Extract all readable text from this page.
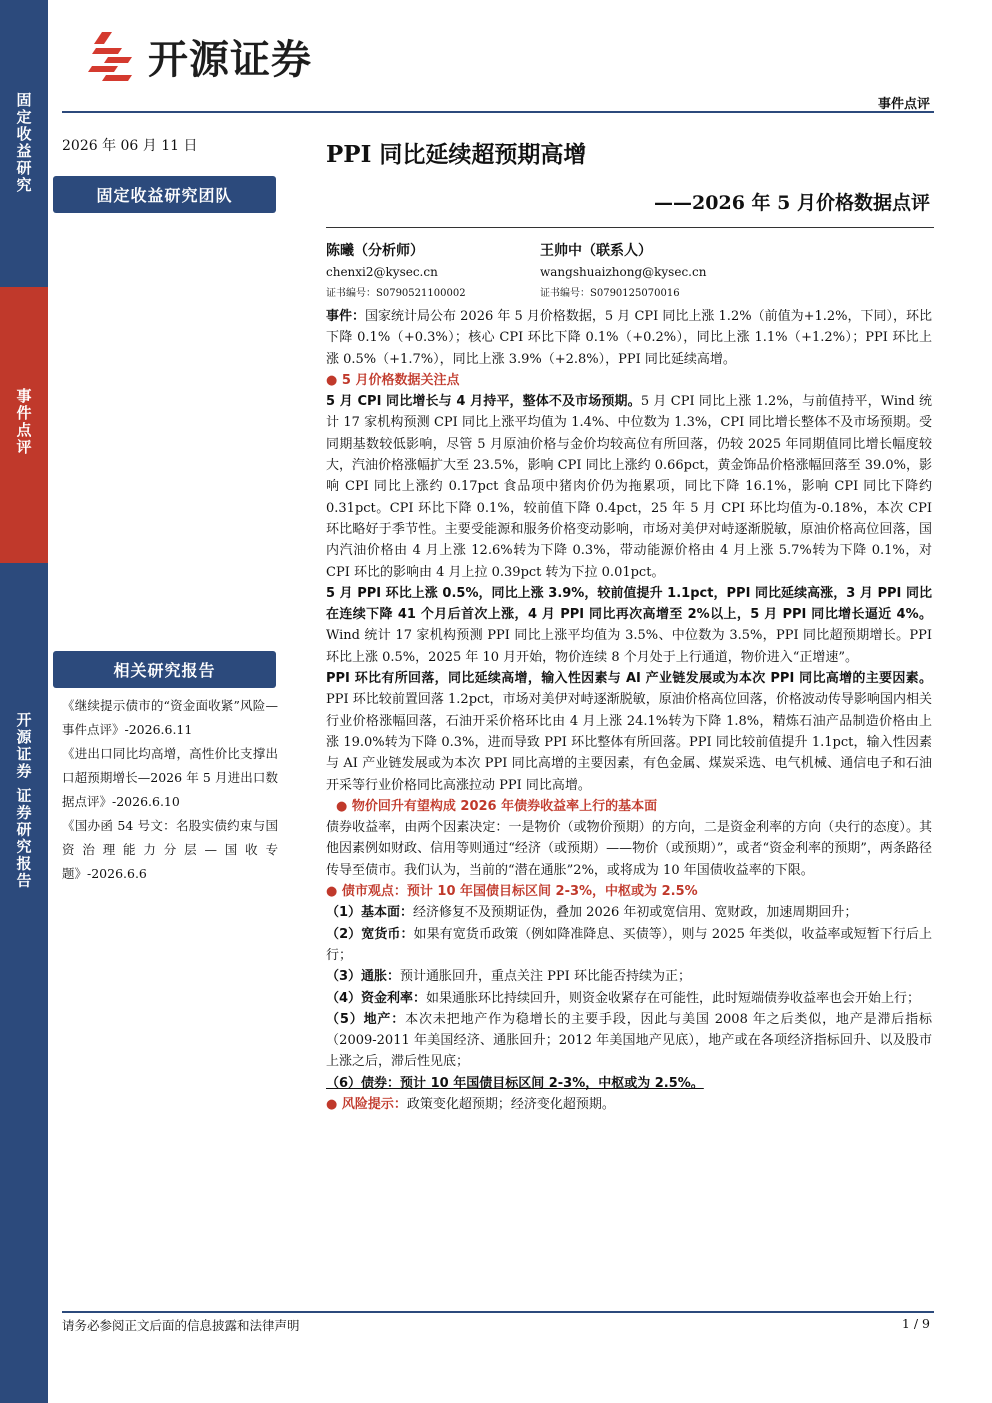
固定收益研究
事件点评
开源证券 证券研究报告
开源证券
事件点评
2026 年 06 月 11 日
固定收益研究团队
PPI 同比延续超预期高增
——2026 年 5 月价格数据点评
陈曦（分析师）
chenxi2@kysec.cn
证书编号：S0790521100002
王帅中（联系人）
wangshuaizhong@kysec.cn
证书编号：S0790125070016

事件：国家统计局公布 2026 年 5 月价格数据，5 月 CPI 同比上涨 1.2%（前值为+1.2%，下同），环比下降 0.1%（+0.3%）；核心 CPI 环比下降 0.1%（+0.2%），同比上涨 1.1%（+1.2%）；PPI 环比上涨 0.5%（+1.7%），同比上涨 3.9%（+2.8%），PPI 同比延续高增。

● 5 月价格数据关注点

5 月 CPI 同比增长与 4 月持平，整体不及市场预期。5 月 CPI 同比上涨 1.2%，与前值持平，Wind 统计 17 家机构预测 CPI 同比上涨平均值为 1.4%、中位数为 1.3%，CPI 同比增长整体不及市场预期。受同期基数较低影响，尽管 5 月原油价格与金价均较高位有所回落，仍较 2025 年同期值同比增长幅度较大，汽油价格涨幅扩大至 23.5%，影响 CPI 同比上涨约 0.66pct，黄金饰品价格涨幅回落至 39.0%，影响 CPI 同比上涨约 0.17pct 食品项中猪肉价仍为拖累项，同比下降 16.1%，影响 CPI 同比下降约 0.31pct。CPI 环比下降 0.1%，较前值下降 0.4pct，25 年 5 月 CPI 环比均值为-0.18%，本次 CPI 环比略好于季节性。主要受能源和服务价格变动影响，市场对美伊对峙逐渐脱敏，原油价格高位回落，国内汽油价格由 4 月上涨 12.6%转为下降 0.3%，带动能源价格由 4 月上涨 5.7%转为下降 0.1%，对 CPI 环比的影响由 4 月上拉 0.39pct 转为下拉 0.01pct。

5 月 PPI 环比上涨 0.5%，同比上涨 3.9%，较前值提升 1.1pct，PPI 同比延续高涨，3 月 PPI 同比在连续下降 41 个月后首次上涨，4 月 PPI 同比再次高增至 2%以上，5 月 PPI 同比增长逼近 4%。Wind 统计 17 家机构预测 PPI 同比上涨平均值为 3.5%、中位数为 3.5%，PPI 同比超预期增长。PPI 环比上涨 0.5%，2025 年 10 月开始，物价连续 8 个月处于上行通道，物价进入“正增速”。

PPI 环比有所回落，同比延续高增，输入性因素与 AI 产业链发展或为本次 PPI 同比高增的主要因素。PPI 环比较前置回落 1.2pct，市场对美伊对峙逐渐脱敏，原油价格高位回落，价格波动传导影响国内相关行业价格涨幅回落，石油开采价格环比由 4 月上涨 24.1%转为下降 1.8%，精炼石油产品制造价格由上涨 19.0%转为下降 0.3%，进而导致 PPI 环比整体有所回落。PPI 同比较前值提升 1.1pct，输入性因素与 AI 产业链发展或为本次 PPI 同比高增的主要因素，有色金属、煤炭采选、电气机械、通信电子和石油开采等行业价格同比高涨拉动 PPI 同比高增。

● 物价回升有望构成 2026 年债券收益率上行的基本面

债券收益率，由两个因素决定：一是物价（或物价预期）的方向，二是资金利率的方向（央行的态度）。其他因素例如财政、信用等则通过“经济（或预期）——物价（或预期）”，或者“资金利率的预期”，两条路径传导至债市。我们认为，当前的“潜在通胀”2%，或将成为 10 年国债收益率的下限。

● 债市观点：预计 10 年国债目标区间 2-3%，中枢或为 2.5%

（1）基本面：经济修复不及预期证伪，叠加 2026 年初或宽信用、宽财政，加速周期回升；

（2）宽货币：如果有宽货币政策（例如降准降息、买债等），则与 2025 年类似，收益率或短暂下行后上行；

（3）通胀：预计通胀回升，重点关注 PPI 环比能否持续为正；

（4）资金利率：如果通胀环比持续回升，则资金收紧存在可能性，此时短端债券收益率也会开始上行；

（5）地产：本次未把地产作为稳增长的主要手段，因此与美国 2008 年之后类似，地产是滞后指标（2009-2011 年美国经济、通胀回升；2012 年美国地产见底），地产或在各项经济指标回升、以及股市上涨之后，滞后性见底；

（6）债券：预计 10 年国债目标区间 2-3%，中枢或为 2.5%。

● 风险提示：政策变化超预期；经济变化超预期。

相关研究报告

《继续提示债市的“资金面收紧”风险—事件点评》-2026.6.11

《进出口同比均高增，高性价比支撑出口超预期增长—2026 年 5 月进出口数据点评》-2026.6.10

《国办函 54 号文：名股实债约束与国资治理能力分层—国收专题》-2026.6.6

请务必参阅正文后面的信息披露和法律声明	1 / 9
